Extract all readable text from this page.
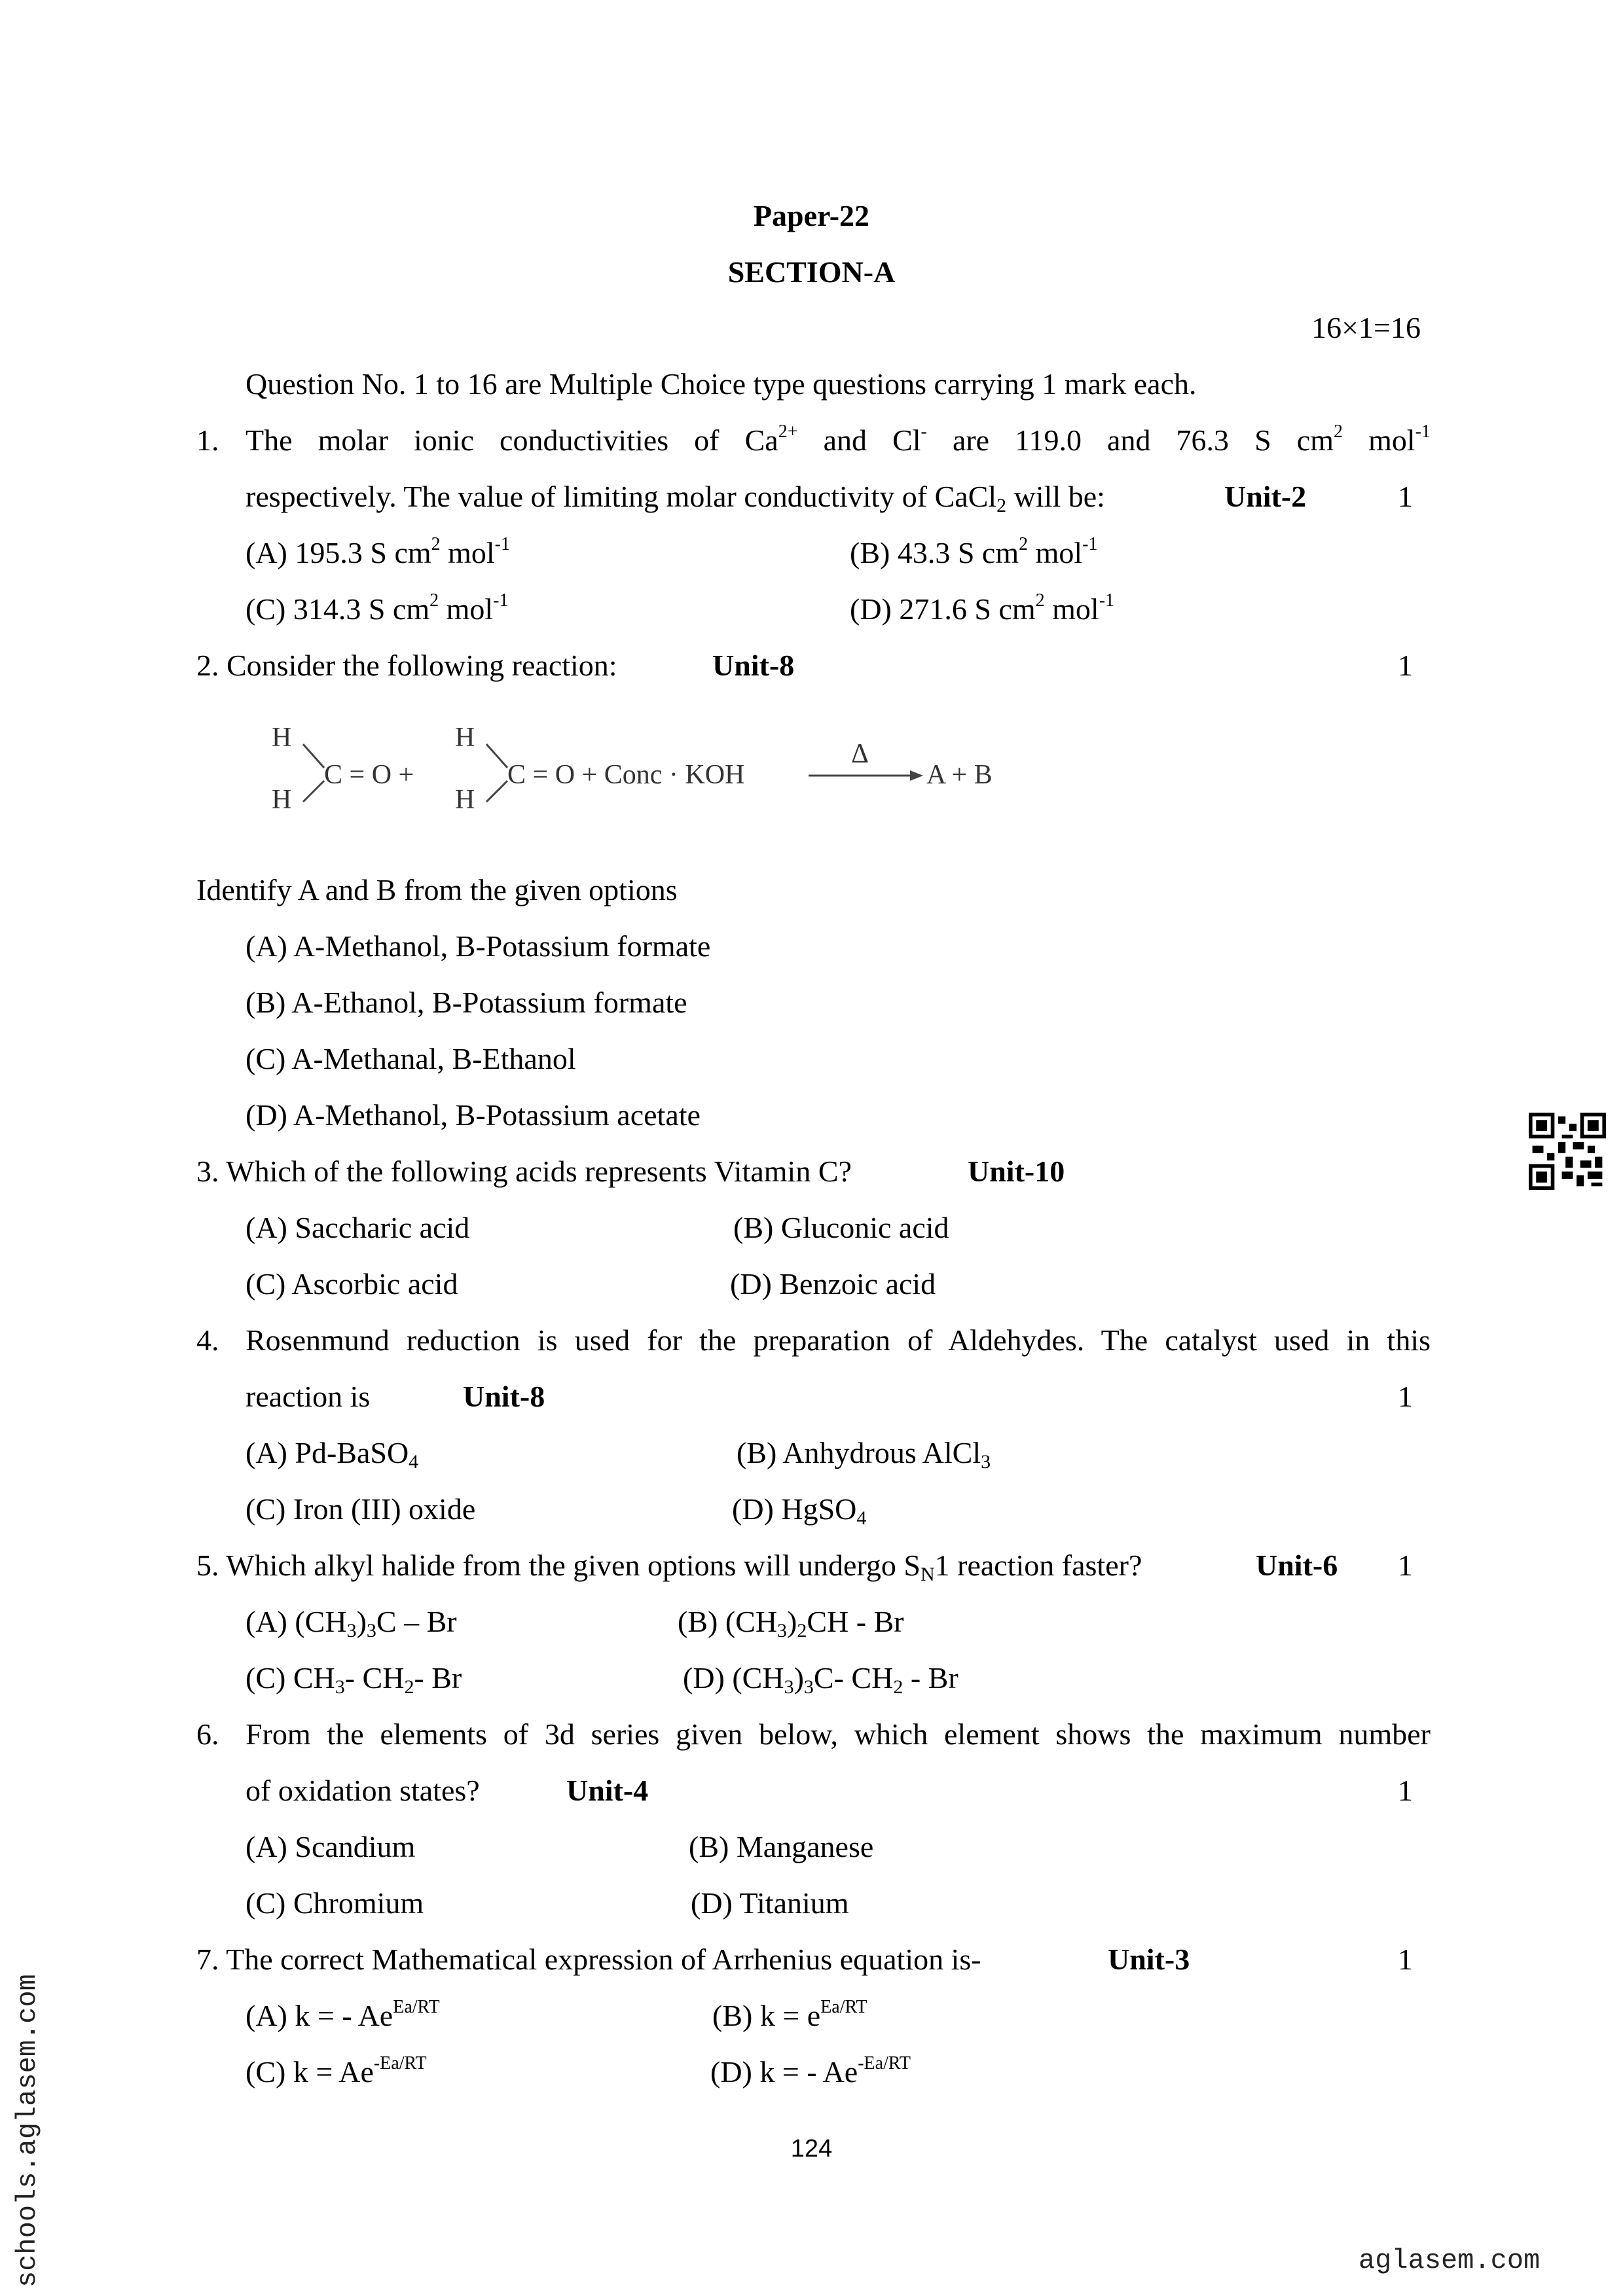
Paper-22
SECTION-A
16×1=16
Question No. 1 to 16 are Multiple Choice type questions carrying 1 mark each.
1. The molar ionic conductivities of $Ca^{2+}$ and Cl- are 119.0 and 76.3 S $cm^2$ mol$^{-1}$
respectively. The value of limiting molar conductivity of CaCl$_2$ will be:	Unit-2	1
(A) 195.3 S $cm^2$ mol$^{-1}$	(B) 43.3 S $cm^2$ mol$^{-1}$
(C) 314.3 S $cm^2$ mol$^{-1}$	(D) 271.6 S $cm^2$ mol$^{-1}$
2. Consider the following reaction:	Unit-8	1
H
H
C = O +
H
H
C = O + Conc · KOH
Δ
A + B
Identify A and B from the given options
(A) A-Methanol, B-Potassium formate
(B) A-Ethanol, B-Potassium formate
(C) A-Methanal, B-Ethanol
(D) A-Methanol, B-Potassium acetate
3. Which of the following acids represents Vitamin C?	Unit-10
(A) Saccharic acid	(B) Gluconic acid
(C) Ascorbic acid	(D) Benzoic acid
4. Rosenmund reduction is used for the preparation of Aldehydes. The catalyst used in this
reaction is	Unit-8	1
(A) Pd-BaSO$_4$	(B) Anhydrous AlCl$_3$
(C) Iron (III) oxide	(D) HgSO$_4$
5. Which alkyl halide from the given options will undergo $S_N1$ reaction faster?	Unit-6	1
(A) $(CH_3)_3C$ – Br	(B) $(CH_3)_2CH$ - Br
(C) $CH_3-$ $CH_2-$ Br	(D) $(CH_3)_3C-$ $CH_2$ - Br
6. From the elements of 3d series given below, which element shows the maximum number
of oxidation states?	Unit-4	1
(A) Scandium	(B) Manganese
(C) Chromium	(D) Titanium
7. The correct Mathematical expression of Arrhenius equation is-	Unit-3	1
(A) k = - $Ae^{Ea/RT}$	(B) $k = e^{Ea/RT}$
(C) $k = Ae^{-Ea/RT}$	(D) k = - $Ae^{-Ea/RT}$
124
schools.aglasem.com	aglasem.com
